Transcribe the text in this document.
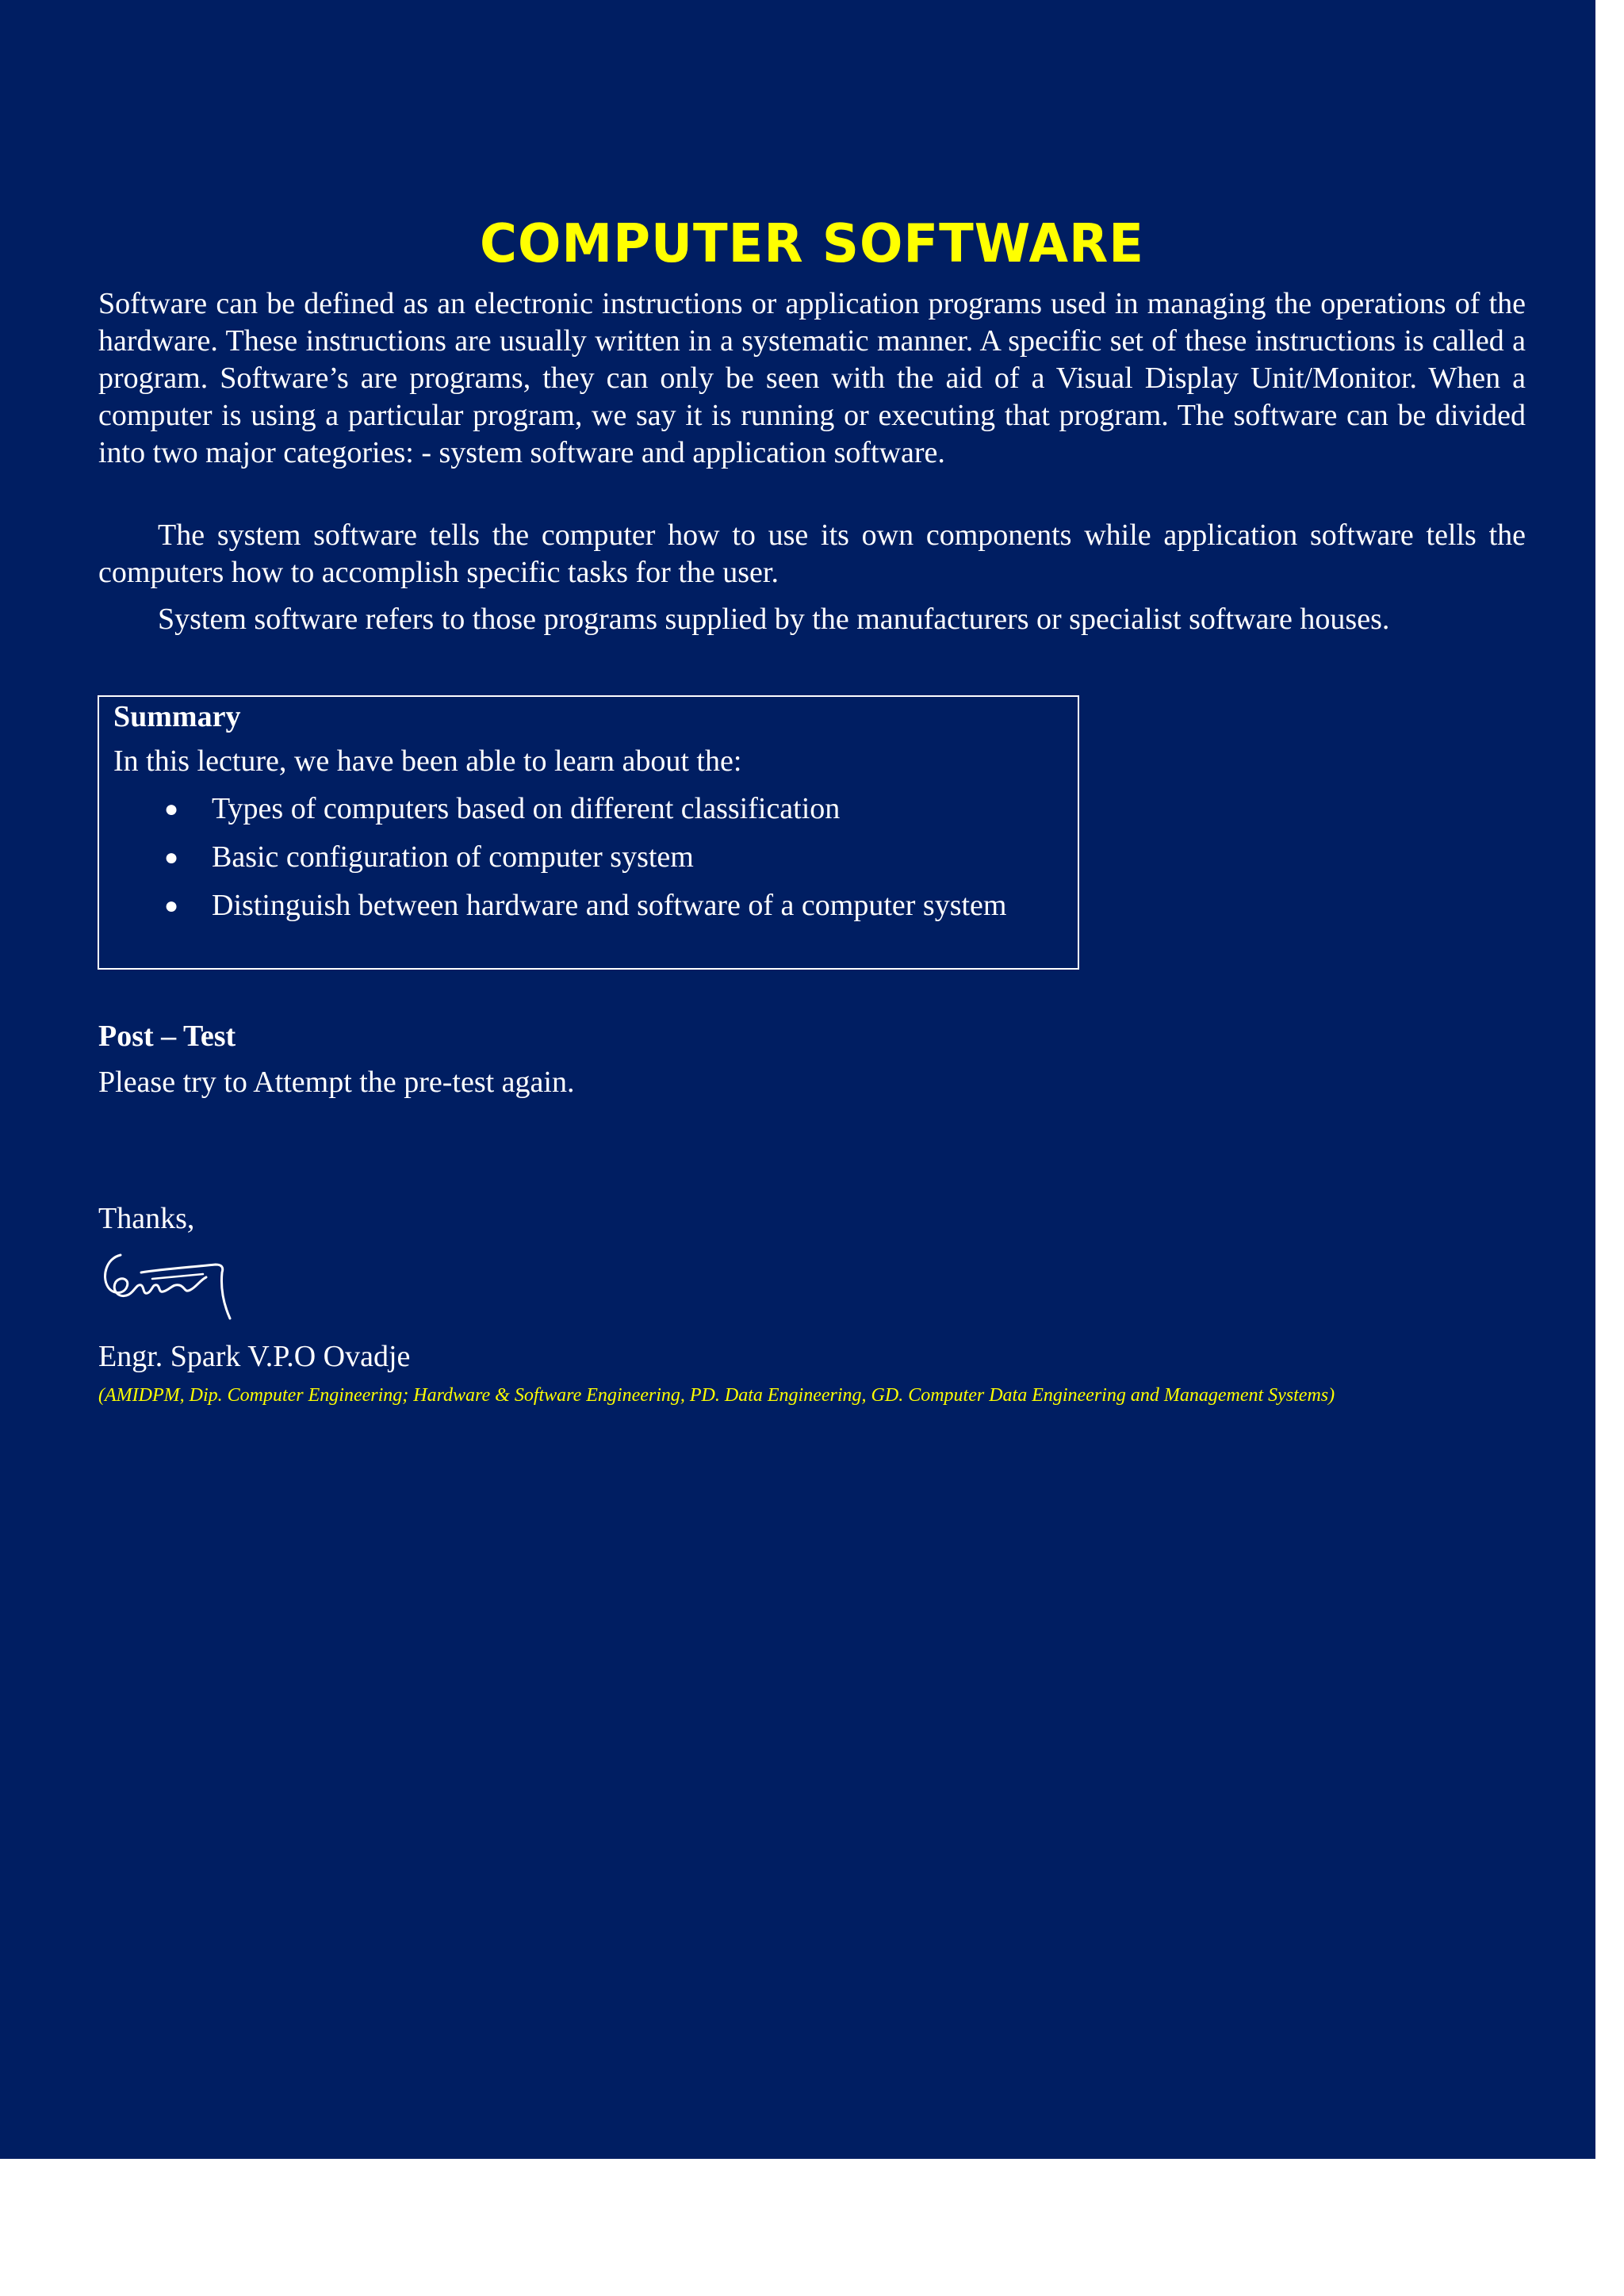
COMPUTER SOFTWARE

Software can be defined as an electronic instructions or application programs used in managing the operations of the hardware. These instructions are usually written in a systematic manner. A specific set of these instructions is called a program. Software’s are programs, they can only be seen with the aid of a Visual Display Unit/Monitor. When a computer is using a particular program, we say it is running or executing that program. The software can be divided into two major categories: - system software and application software.

The system software tells the computer how to use its own components while application software tells the computers how to accomplish specific tasks for the user.

System software refers to those programs supplied by the manufacturers or specialist software houses.

Summary
In this lecture, we have been able to learn about the:
● Types of computers based on different classification
● Basic configuration of computer system
● Distinguish between hardware and software of a computer system
Post – Test
Please try to Attempt the pre-test again.
Thanks,
Engr. Spark V.P.O Ovadje
(AMIDPM, Dip. Computer Engineering; Hardware & Software Engineering, PD. Data Engineering, GD. Computer Data Engineering and Management Systems)
